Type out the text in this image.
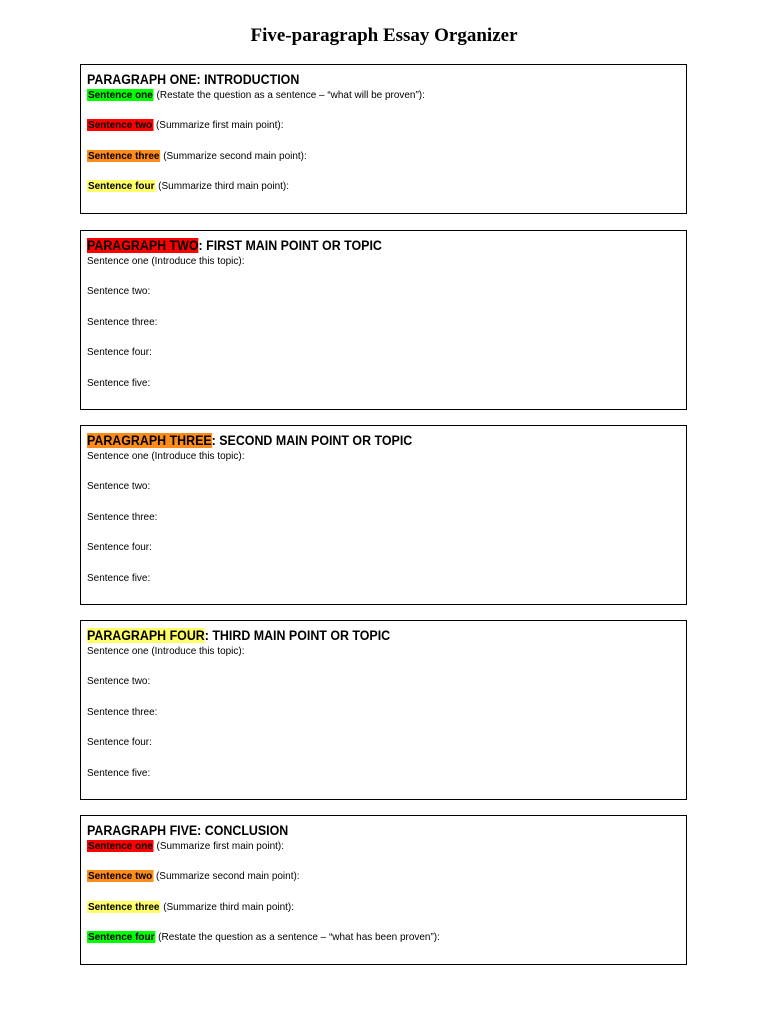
Five-paragraph Essay Organizer
PARAGRAPH ONE: INTRODUCTION
Sentence one (Restate the question as a sentence – “what will be proven”):
Sentence two (Summarize first main point):
Sentence three (Summarize second main point):
Sentence four (Summarize third main point):
PARAGRAPH TWO: FIRST MAIN POINT OR TOPIC
Sentence one (Introduce this topic):
Sentence two:
Sentence three:
Sentence four:
Sentence five:
PARAGRAPH THREE: SECOND MAIN POINT OR TOPIC
Sentence one (Introduce this topic):
Sentence two:
Sentence three:
Sentence four:
Sentence five:
PARAGRAPH FOUR: THIRD MAIN POINT OR TOPIC
Sentence one (Introduce this topic):
Sentence two:
Sentence three:
Sentence four:
Sentence five:
PARAGRAPH FIVE: CONCLUSION
Sentence one (Summarize first main point):
Sentence two (Summarize second main point):
Sentence three (Summarize third main point):
Sentence four (Restate the question as a sentence – “what has been proven”):
